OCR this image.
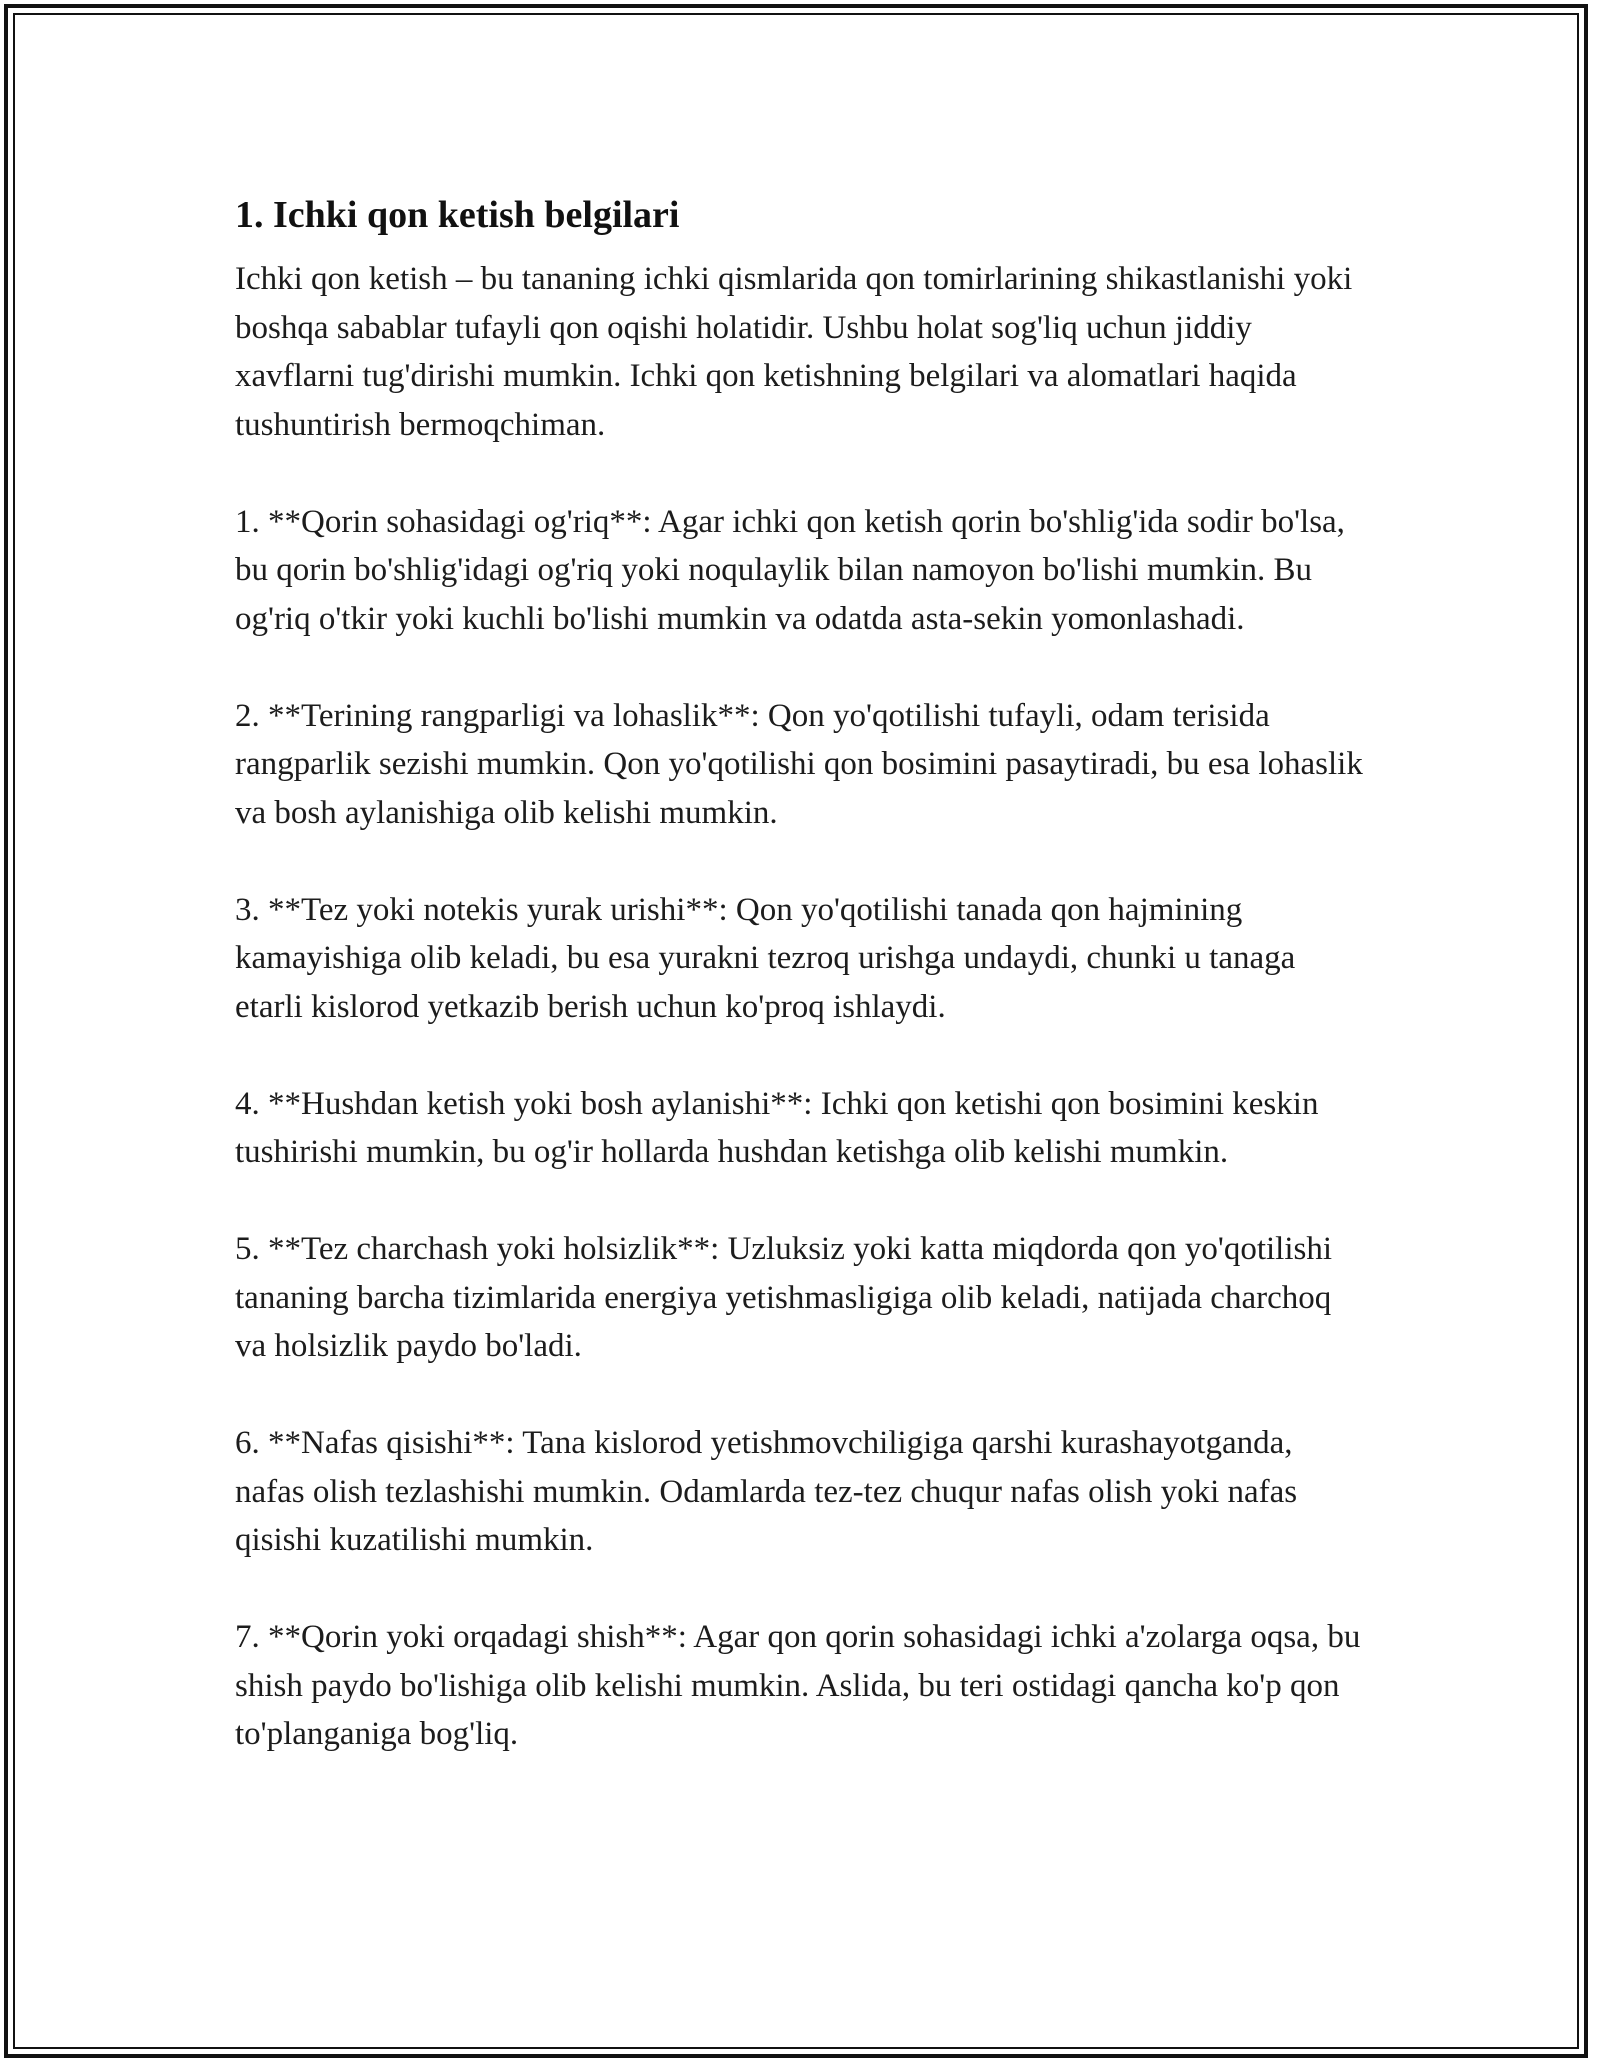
1. Ichki qon ketish belgilari

Ichki qon ketish – bu tananing ichki qismlarida qon tomirlarining shikastlanishi yoki boshqa sabablar tufayli qon oqishi holatidir. Ushbu holat sog'liq uchun jiddiy xavflarni tug'dirishi mumkin. Ichki qon ketishning belgilari va alomatlari haqida tushuntirish bermoqchiman.

1. **Qorin sohasidagi og'riq**: Agar ichki qon ketish qorin bo'shlig'ida sodir bo'lsa, bu qorin bo'shlig'idagi og'riq yoki noqulaylik bilan namoyon bo'lishi mumkin. Bu og'riq o'tkir yoki kuchli bo'lishi mumkin va odatda asta-sekin yomonlashadi.

2. **Terining rangparligi va lohaslik**: Qon yo'qotilishi tufayli, odam terisida rangparlik sezishi mumkin. Qon yo'qotilishi qon bosimini pasaytiradi, bu esa lohaslik va bosh aylanishiga olib kelishi mumkin.

3. **Tez yoki notekis yurak urishi**: Qon yo'qotilishi tanada qon hajmining kamayishiga olib keladi, bu esa yurakni tezroq urishga undaydi, chunki u tanaga etarli kislorod yetkazib berish uchun ko'proq ishlaydi.

4. **Hushdan ketish yoki bosh aylanishi**: Ichki qon ketishi qon bosimini keskin tushirishi mumkin, bu og'ir hollarda hushdan ketishga olib kelishi mumkin.

5. **Tez charchash yoki holsizlik**: Uzluksiz yoki katta miqdorda qon yo'qotilishi tananing barcha tizimlarida energiya yetishmasligiga olib keladi, natijada charchoq va holsizlik paydo bo'ladi.

6. **Nafas qisishi**: Tana kislorod yetishmovchiligiga qarshi kurashayotganda, nafas olish tezlashishi mumkin. Odamlarda tez-tez chuqur nafas olish yoki nafas qisishi kuzatilishi mumkin.

7. **Qorin yoki orqadagi shish**: Agar qon qorin sohasidagi ichki a'zolarga oqsa, bu shish paydo bo'lishiga olib kelishi mumkin. Aslida, bu teri ostidagi qancha ko'p qon to'planganiga bog'liq.
